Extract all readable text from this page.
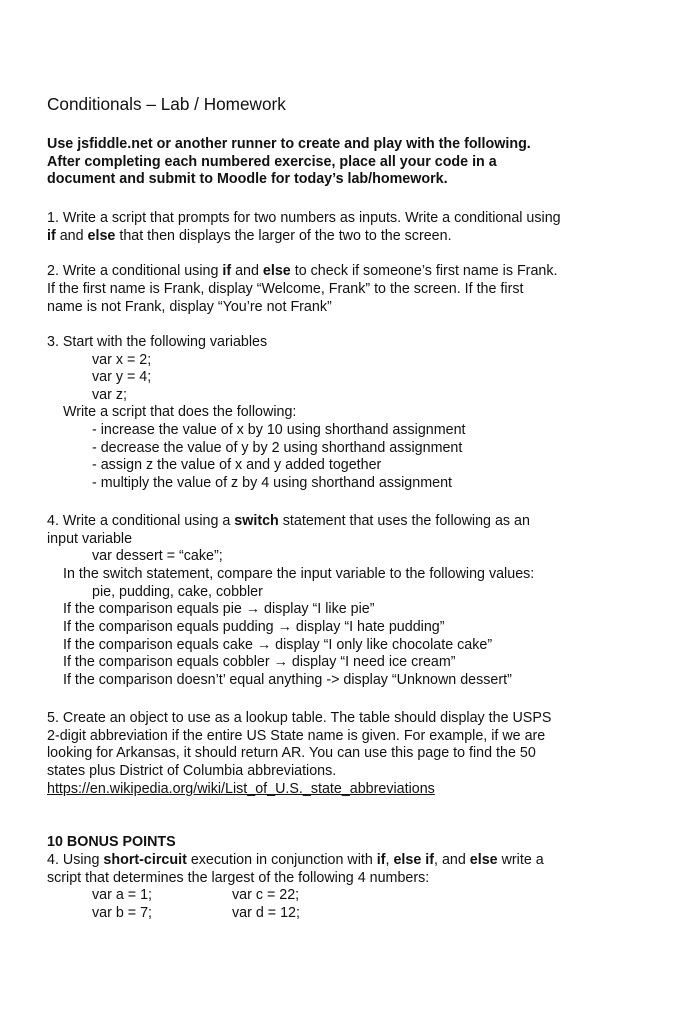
Conditionals – Lab / Homework
Use jsfiddle.net or another runner to create and play with the following.
After completing each numbered exercise, place all your code in a
document and submit to Moodle for today’s lab/homework.
1. Write a script that prompts for two numbers as inputs. Write a conditional using
if and else that then displays the larger of the two to the screen.
2. Write a conditional using if and else to check if someone’s first name is Frank.
If the first name is Frank, display “Welcome, Frank” to the screen. If the first
name is not Frank, display “You’re not Frank”
3. Start with the following variables
var x = 2;
var y = 4;
var z;
Write a script that does the following:
- increase the value of x by 10 using shorthand assignment
- decrease the value of y by 2 using shorthand assignment
- assign z the value of x and y added together
- multiply the value of z by 4 using shorthand assignment
4. Write a conditional using a switch statement that uses the following as an
input variable
var dessert = “cake”;
In the switch statement, compare the input variable to the following values:
pie, pudding, cake, cobbler
If the comparison equals pie → display “I like pie”
If the comparison equals pudding → display “I hate pudding”
If the comparison equals cake → display “I only like chocolate cake”
If the comparison equals cobbler → display “I need ice cream”
If the comparison doesn’t’ equal anything -> display “Unknown dessert”
5. Create an object to use as a lookup table. The table should display the USPS
2-digit abbreviation if the entire US State name is given. For example, if we are
looking for Arkansas, it should return AR. You can use this page to find the 50
states plus District of Columbia abbreviations.
https://en.wikipedia.org/wiki/List_of_U.S._state_abbreviations
10 BONUS POINTS
4. Using short-circuit execution in conjunction with if, else if, and else write a
script that determines the largest of the following 4 numbers:
var a = 1;	var c = 22;
var b = 7;	var d = 12;
